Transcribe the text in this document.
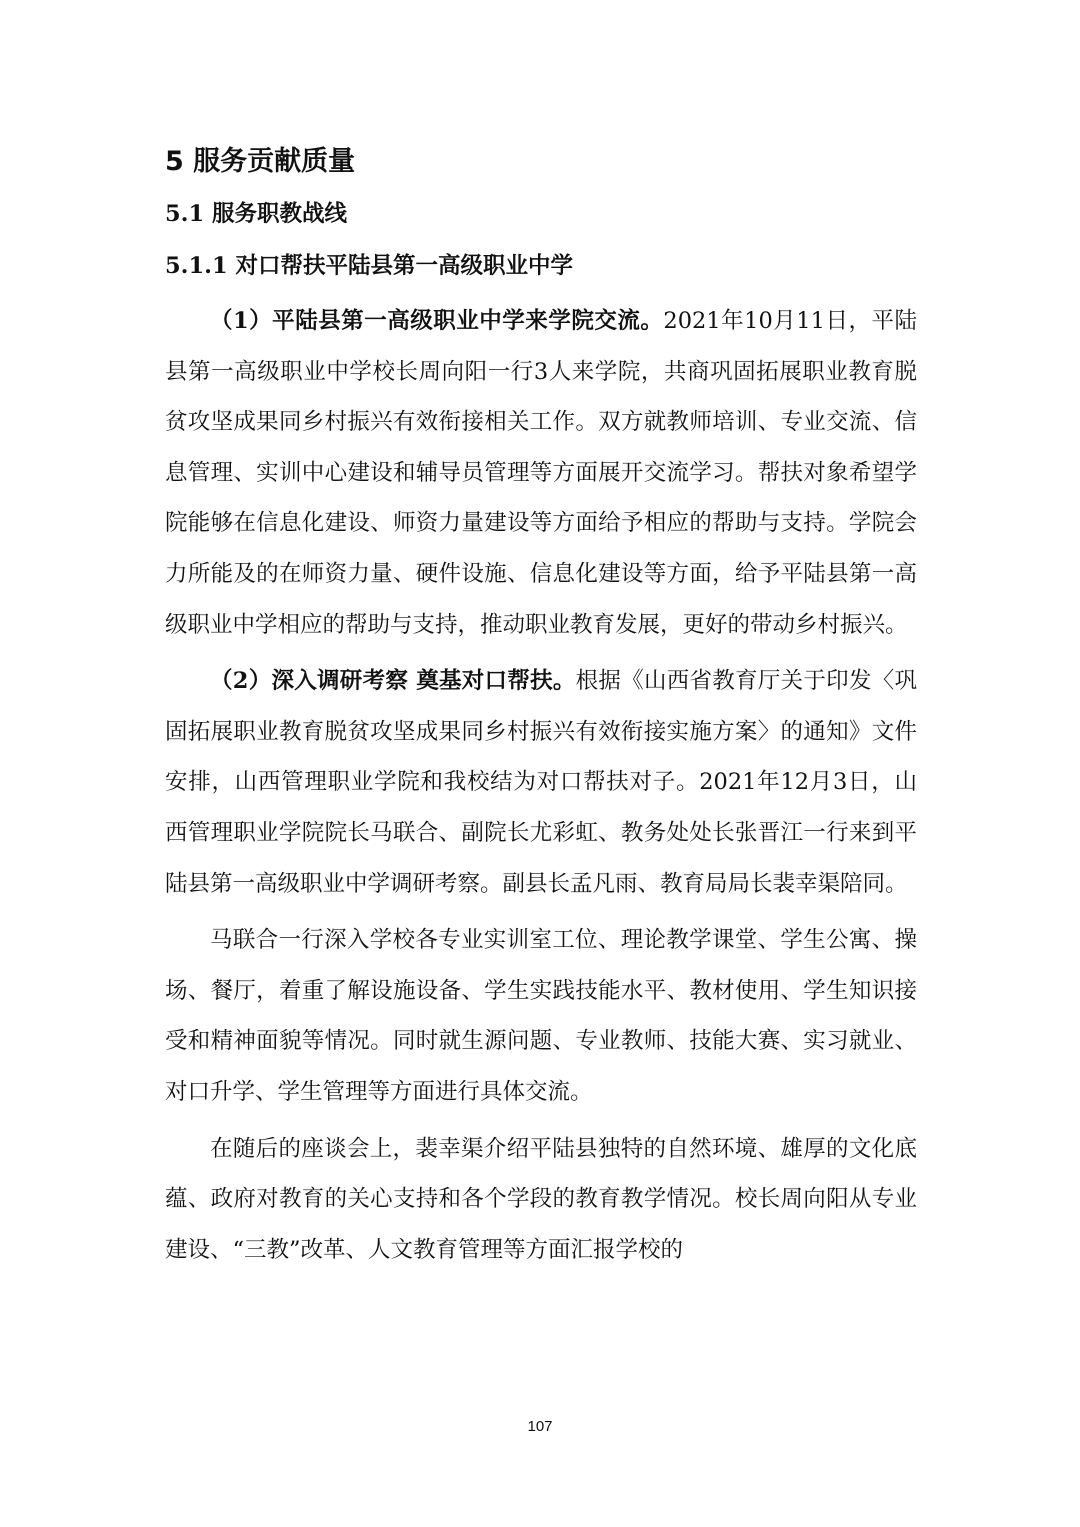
5 服务贡献质量
5.1 服务职教战线
5.1.1 对口帮扶平陆县第一高级职业中学

（1）平陆县第一高级职业中学来学院交流。2021年10月11日，平陆县第一高级职业中学校长周向阳一行3人来学院，共商巩固拓展职业教育脱贫攻坚成果同乡村振兴有效衔接相关工作。双方就教师培训、专业交流、信息管理、实训中心建设和辅导员管理等方面展开交流学习。帮扶对象希望学院能够在信息化建设、师资力量建设等方面给予相应的帮助与支持。学院会力所能及的在师资力量、硬件设施、信息化建设等方面，给予平陆县第一高级职业中学相应的帮助与支持，推动职业教育发展，更好的带动乡村振兴。

（2）深入调研考察 奠基对口帮扶。根据《山西省教育厅关于印发〈巩固拓展职业教育脱贫攻坚成果同乡村振兴有效衔接实施方案〉的通知》文件安排，山西管理职业学院和我校结为对口帮扶对子。2021年12月3日，山西管理职业学院院长马联合、副院长尤彩虹、教务处处长张晋江一行来到平陆县第一高级职业中学调研考察。副县长孟凡雨、教育局局长裴幸渠陪同。

马联合一行深入学校各专业实训室工位、理论教学课堂、学生公寓、操场、餐厅，着重了解设施设备、学生实践技能水平、教材使用、学生知识接受和精神面貌等情况。同时就生源问题、专业教师、技能大赛、实习就业、对口升学、学生管理等方面进行具体交流。

在随后的座谈会上，裴幸渠介绍平陆县独特的自然环境、雄厚的文化底蕴、政府对教育的关心支持和各个学段的教育教学情况。校长周向阳从专业建设、“三教”改革、人文教育管理等方面汇报学校的

107
